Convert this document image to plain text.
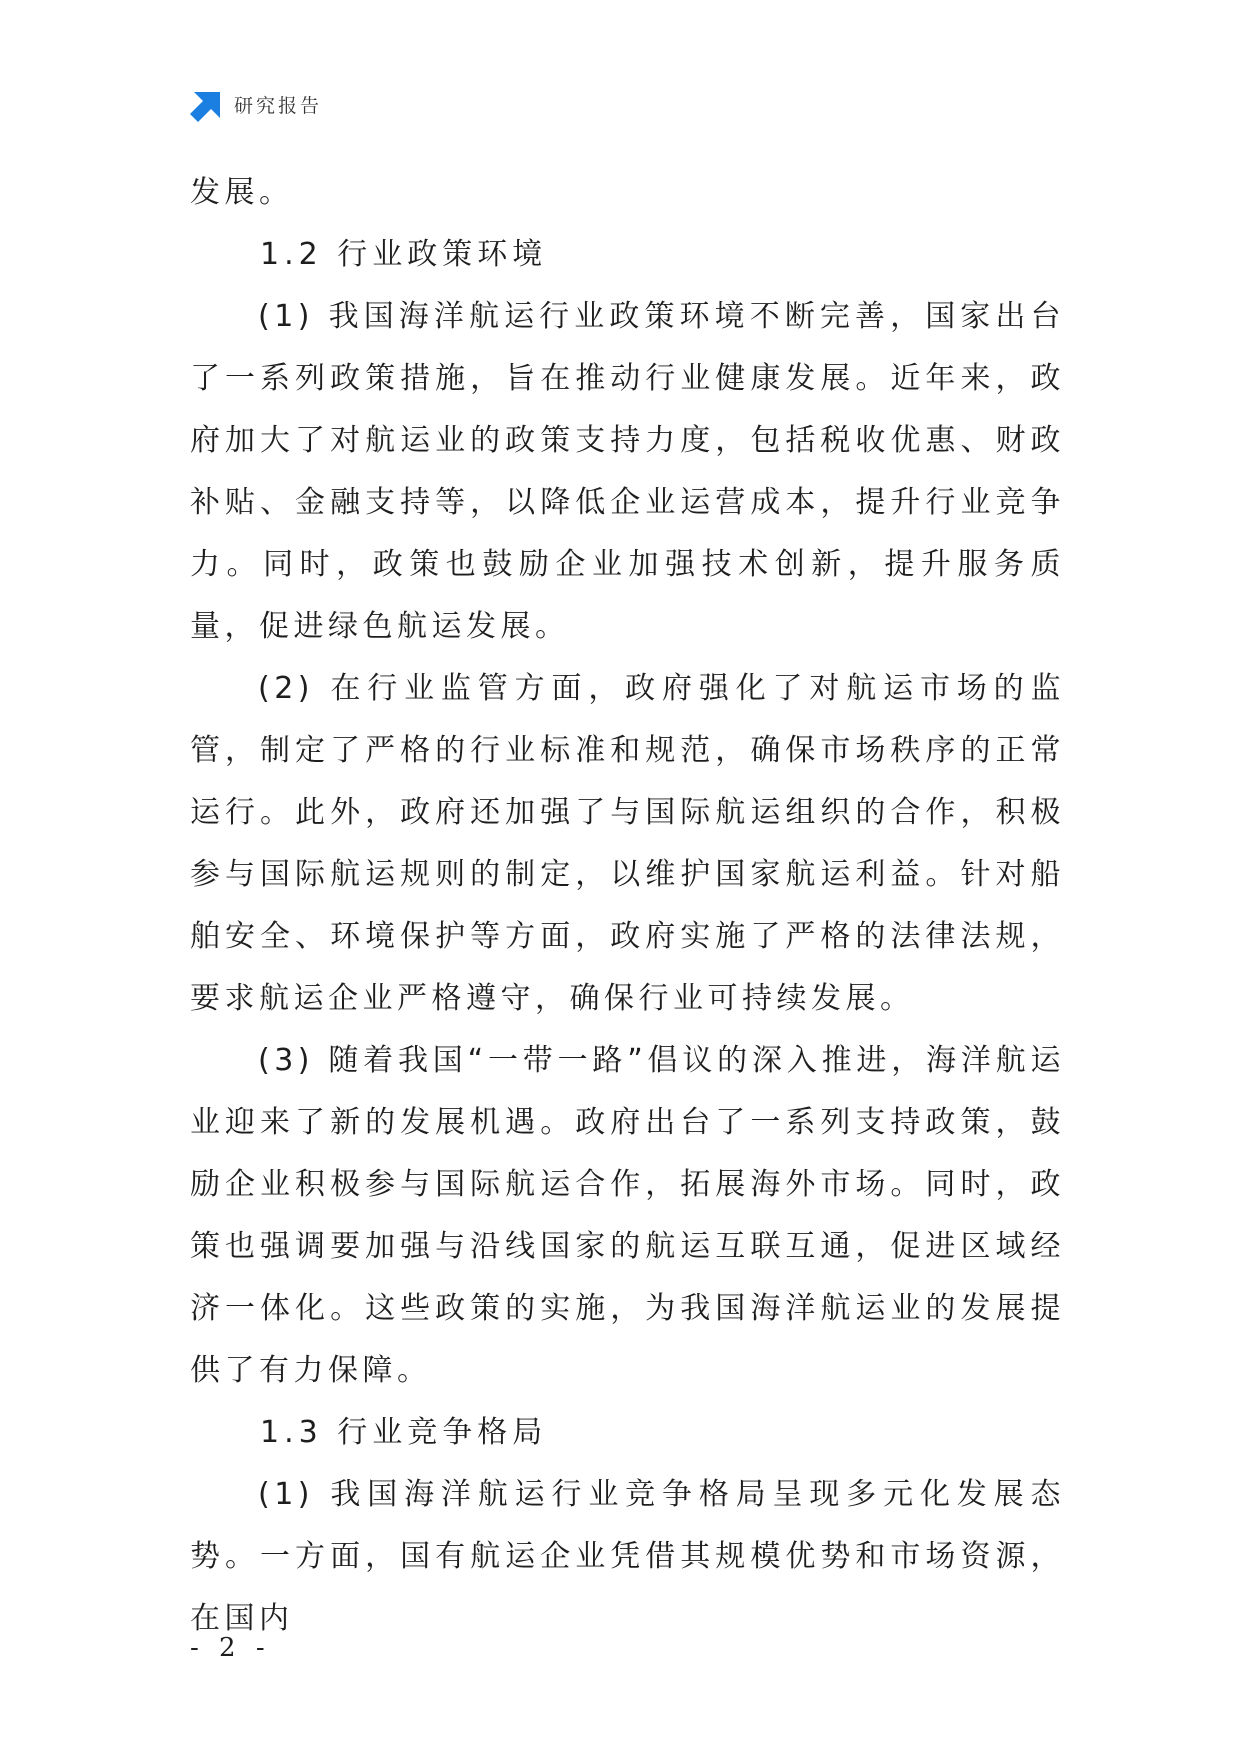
研究报告

发展。

1.2 行业政策环境

(1) 我国海洋航运行业政策环境不断完善，国家出台了一系列政策措施，旨在推动行业健康发展。近年来，政府加大了对航运业的政策支持力度，包括税收优惠、财政补贴、金融支持等，以降低企业运营成本，提升行业竞争力。同时，政策也鼓励企业加强技术创新，提升服务质量，促进绿色航运发展。

(2) 在行业监管方面，政府强化了对航运市场的监管，制定了严格的行业标准和规范，确保市场秩序的正常运行。此外，政府还加强了与国际航运组织的合作，积极参与国际航运规则的制定，以维护国家航运利益。针对船舶安全、环境保护等方面，政府实施了严格的法律法规，要求航运企业严格遵守，确保行业可持续发展。

(3) 随着我国“一带一路”倡议的深入推进，海洋航运业迎来了新的发展机遇。政府出台了一系列支持政策，鼓励企业积极参与国际航运合作，拓展海外市场。同时，政策也强调要加强与沿线国家的航运互联互通，促进区域经济一体化。这些政策的实施，为我国海洋航运业的发展提供了有力保障。

1.3 行业竞争格局

(1) 我国海洋航运行业竞争格局呈现多元化发展态势。一方面，国有航运企业凭借其规模优势和市场资源，在国内

- 2 -
